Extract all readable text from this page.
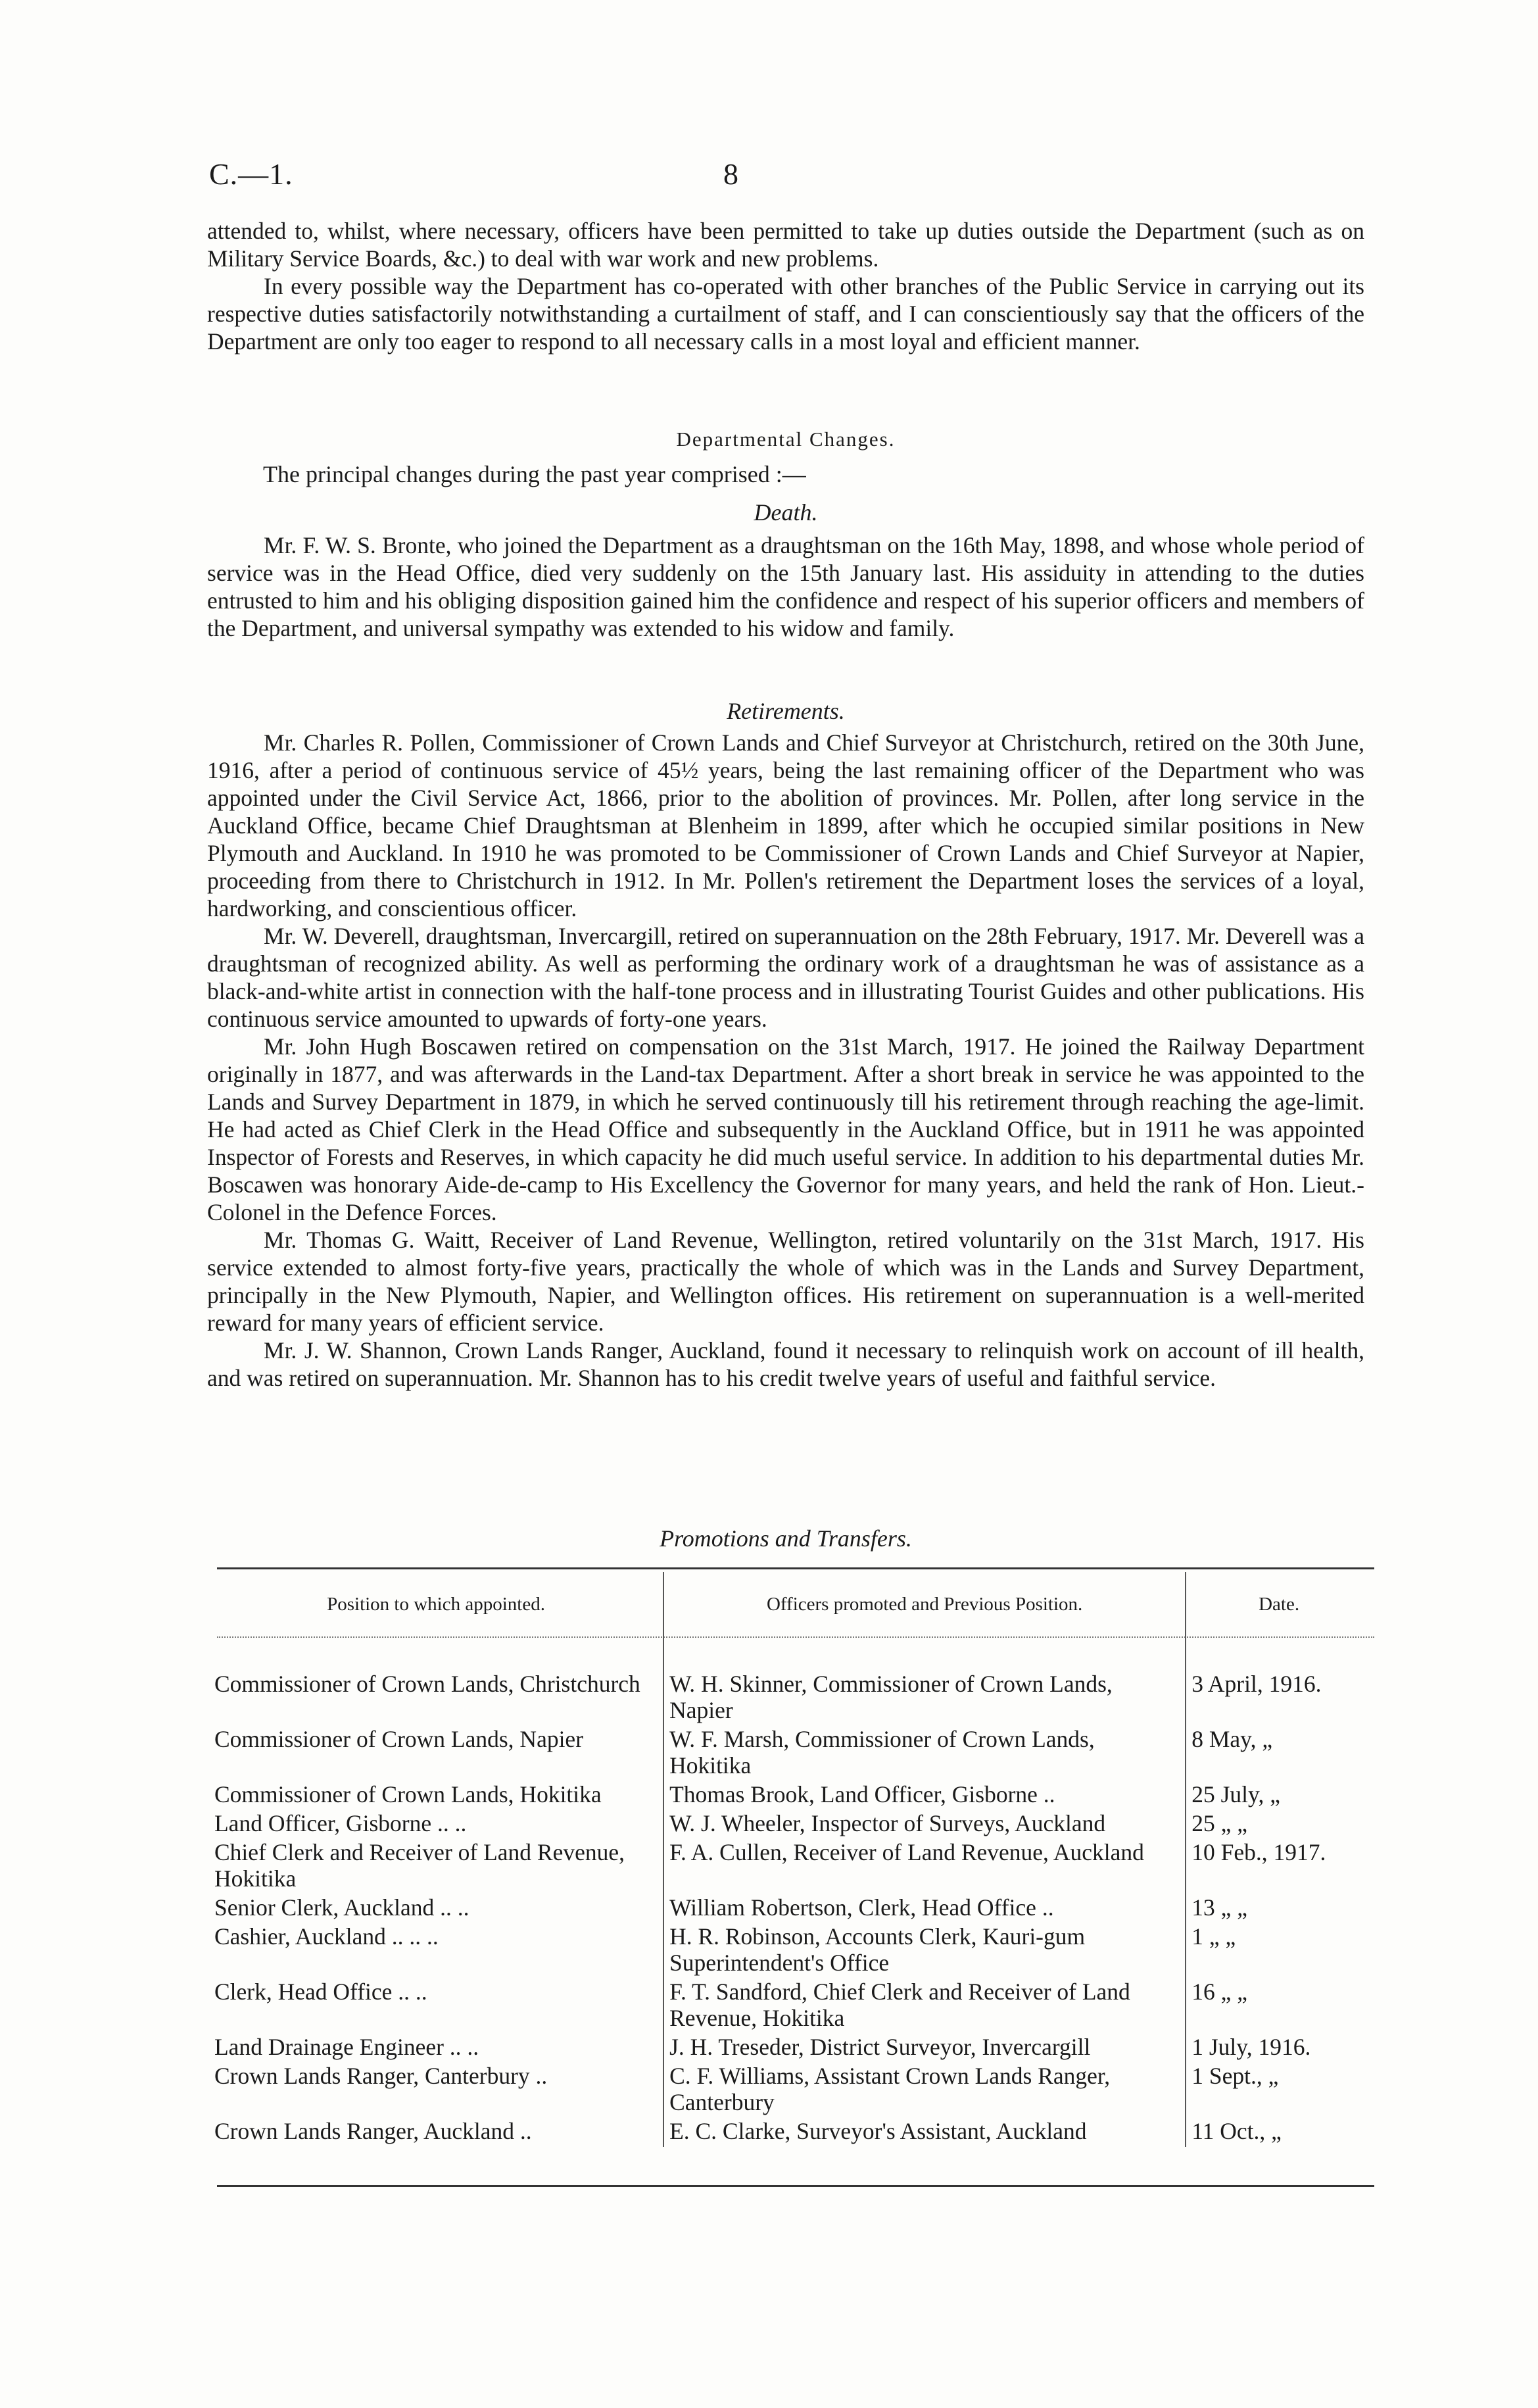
C.—1.	8

attended to, whilst, where necessary, officers have been permitted to take up duties outside the Department (such as on Military Service Boards, &c.) to deal with war work and new problems.

In every possible way the Department has co-operated with other branches of the Public Service in carrying out its respective duties satisfactorily notwithstanding a curtailment of staff, and I can conscientiously say that the officers of the Department are only too eager to respond to all necessary calls in a most loyal and efficient manner.

Departmental Changes.
The principal changes during the past year comprised :—
Death.

Mr. F. W. S. Bronte, who joined the Department as a draughtsman on the 16th May, 1898, and whose whole period of service was in the Head Office, died very suddenly on the 15th January last. His assiduity in attending to the duties entrusted to him and his obliging disposition gained him the confidence and respect of his superior officers and members of the Department, and universal sympathy was extended to his widow and family.

Retirements.

Mr. Charles R. Pollen, Commissioner of Crown Lands and Chief Surveyor at Christchurch, retired on the 30th June, 1916, after a period of continuous service of 45½ years, being the last remaining officer of the Department who was appointed under the Civil Service Act, 1866, prior to the abolition of provinces. Mr. Pollen, after long service in the Auckland Office, became Chief Draughtsman at Blenheim in 1899, after which he occupied similar positions in New Plymouth and Auckland. In 1910 he was promoted to be Commissioner of Crown Lands and Chief Surveyor at Napier, proceeding from there to Christchurch in 1912. In Mr. Pollen's retirement the Department loses the services of a loyal, hardworking, and conscientious officer.

Mr. W. Deverell, draughtsman, Invercargill, retired on superannuation on the 28th February, 1917. Mr. Deverell was a draughtsman of recognized ability. As well as performing the ordinary work of a draughtsman he was of assistance as a black-and-white artist in connection with the half-tone process and in illustrating Tourist Guides and other publications. His continuous service amounted to upwards of forty-one years.

Mr. John Hugh Boscawen retired on compensation on the 31st March, 1917. He joined the Railway Department originally in 1877, and was afterwards in the Land-tax Department. After a short break in service he was appointed to the Lands and Survey Department in 1879, in which he served continuously till his retirement through reaching the age-limit. He had acted as Chief Clerk in the Head Office and subsequently in the Auckland Office, but in 1911 he was appointed Inspector of Forests and Reserves, in which capacity he did much useful service. In addition to his departmental duties Mr. Boscawen was honorary Aide-de-camp to His Excellency the Governor for many years, and held the rank of Hon. Lieut.-Colonel in the Defence Forces.

Mr. Thomas G. Waitt, Receiver of Land Revenue, Wellington, retired voluntarily on the 31st March, 1917. His service extended to almost forty-five years, practically the whole of which was in the Lands and Survey Department, principally in the New Plymouth, Napier, and Wellington offices. His retirement on superannuation is a well-merited reward for many years of efficient service.

Mr. J. W. Shannon, Crown Lands Ranger, Auckland, found it necessary to relinquish work on account of ill health, and was retired on superannuation. Mr. Shannon has to his credit twelve years of useful and faithful service.

Promotions and Transfers.
Position to which appointed.	Officers promoted and Previous Position.	Date.

Commissioner of Crown Lands, Christchurch	W. H. Skinner, Commissioner of Crown Lands, Napier	3 April, 1916.
Commissioner of Crown Lands, Napier	W. F. Marsh, Commissioner of Crown Lands, Hokitika	8 May, „
Commissioner of Crown Lands, Hokitika	Thomas Brook, Land Officer, Gisborne ..	25 July, „
Land Officer, Gisborne .. ..	W. J. Wheeler, Inspector of Surveys, Auckland	25 „ „
Chief Clerk and Receiver of Land Revenue, Hokitika	F. A. Cullen, Receiver of Land Revenue, Auckland	10 Feb., 1917.
Senior Clerk, Auckland .. ..	William Robertson, Clerk, Head Office ..	13 „ „
Cashier, Auckland .. .. ..	H. R. Robinson, Accounts Clerk, Kauri-gum Superintendent's Office	1 „ „
Clerk, Head Office .. ..	F. T. Sandford, Chief Clerk and Receiver of Land Revenue, Hokitika	16 „ „
Land Drainage Engineer .. ..	J. H. Treseder, District Surveyor, Invercargill	1 July, 1916.
Crown Lands Ranger, Canterbury ..	C. F. Williams, Assistant Crown Lands Ranger, Canterbury	1 Sept., „
Crown Lands Ranger, Auckland ..	E. C. Clarke, Surveyor's Assistant, Auckland	11 Oct., „
